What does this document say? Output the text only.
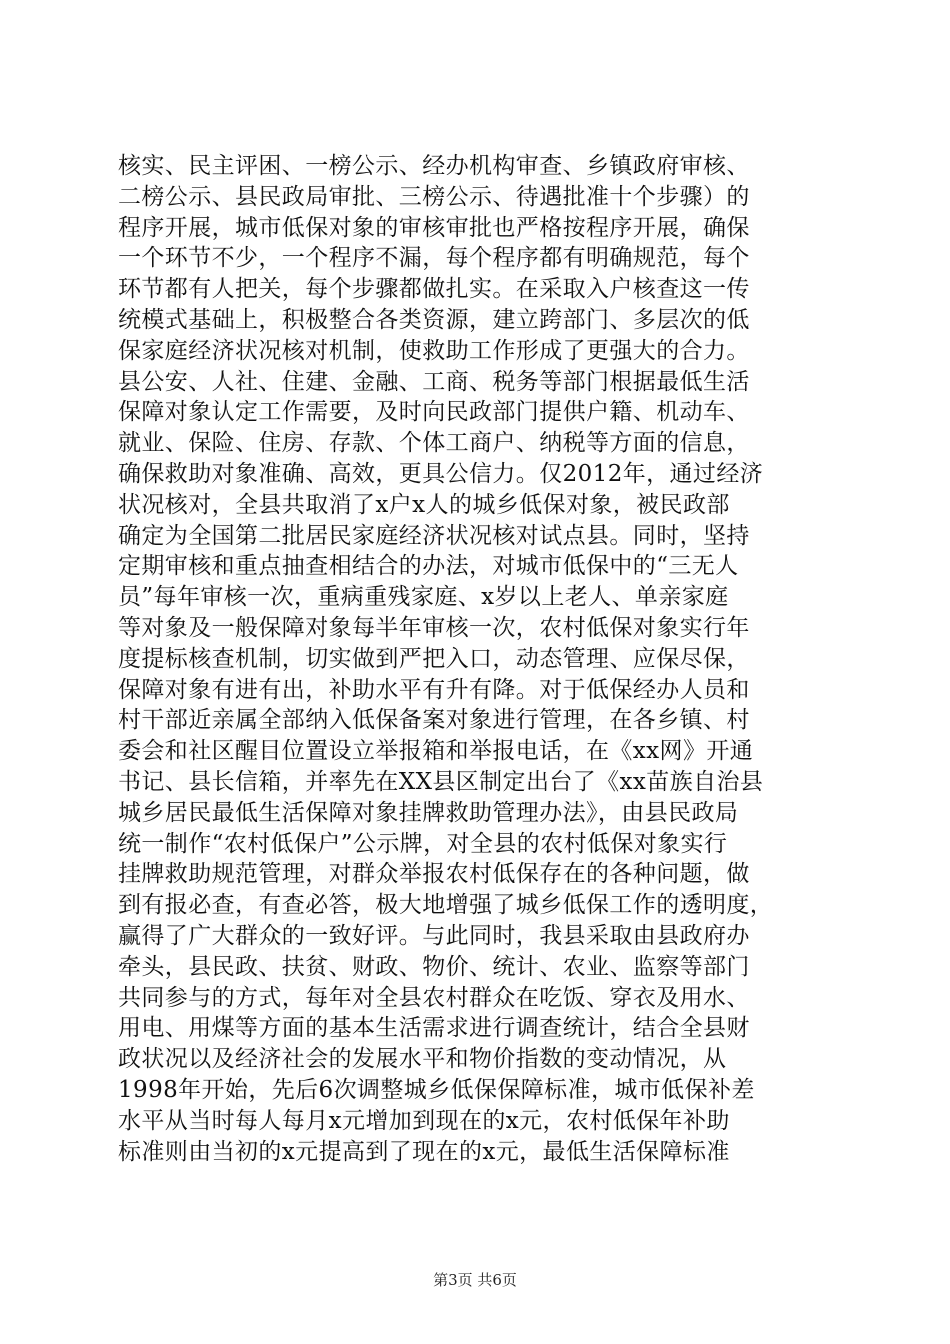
核实、民主评困、一榜公示、经办机构审查、乡镇政府审核、
二榜公示、县民政局审批、三榜公示、待遇批准十个步骤）的
程序开展，城市低保对象的审核审批也严格按程序开展，确保
一个环节不少，一个程序不漏，每个程序都有明确规范，每个
环节都有人把关，每个步骤都做扎实。在采取入户核查这一传
统模式基础上，积极整合各类资源，建立跨部门、多层次的低
保家庭经济状况核对机制，使救助工作形成了更强大的合力。
县公安、人社、住建、金融、工商、税务等部门根据最低生活
保障对象认定工作需要，及时向民政部门提供户籍、机动车、
就业、保险、住房、存款、个体工商户、纳税等方面的信息，
确保救助对象准确、高效，更具公信力。仅2012年，通过经济
状况核对，全县共取消了x户x人的城乡低保对象，被民政部
确定为全国第二批居民家庭经济状况核对试点县。同时，坚持
定期审核和重点抽查相结合的办法，对城市低保中的“三无人
员”每年审核一次，重病重残家庭、x岁以上老人、单亲家庭
等对象及一般保障对象每半年审核一次，农村低保对象实行年
度提标核查机制，切实做到严把入口，动态管理、应保尽保，
保障对象有进有出，补助水平有升有降。对于低保经办人员和
村干部近亲属全部纳入低保备案对象进行管理，在各乡镇、村
委会和社区醒目位置设立举报箱和举报电话，在《xx网》开通
书记、县长信箱，并率先在XX县区制定出台了《xx苗族自治县
城乡居民最低生活保障对象挂牌救助管理办法》，由县民政局
统一制作“农村低保户”公示牌，对全县的农村低保对象实行
挂牌救助规范管理，对群众举报农村低保存在的各种问题，做
到有报必查，有查必答，极大地增强了城乡低保工作的透明度，
赢得了广大群众的一致好评。与此同时，我县采取由县政府办
牵头，县民政、扶贫、财政、物价、统计、农业、监察等部门
共同参与的方式，每年对全县农村群众在吃饭、穿衣及用水、
用电、用煤等方面的基本生活需求进行调查统计，结合全县财
政状况以及经济社会的发展水平和物价指数的变动情况，从
1998年开始，先后6次调整城乡低保保障标准，城市低保补差
水平从当时每人每月x元增加到现在的x元，农村低保年补助
标准则由当初的x元提高到了现在的x元，最低生活保障标准
第3页 共6页
